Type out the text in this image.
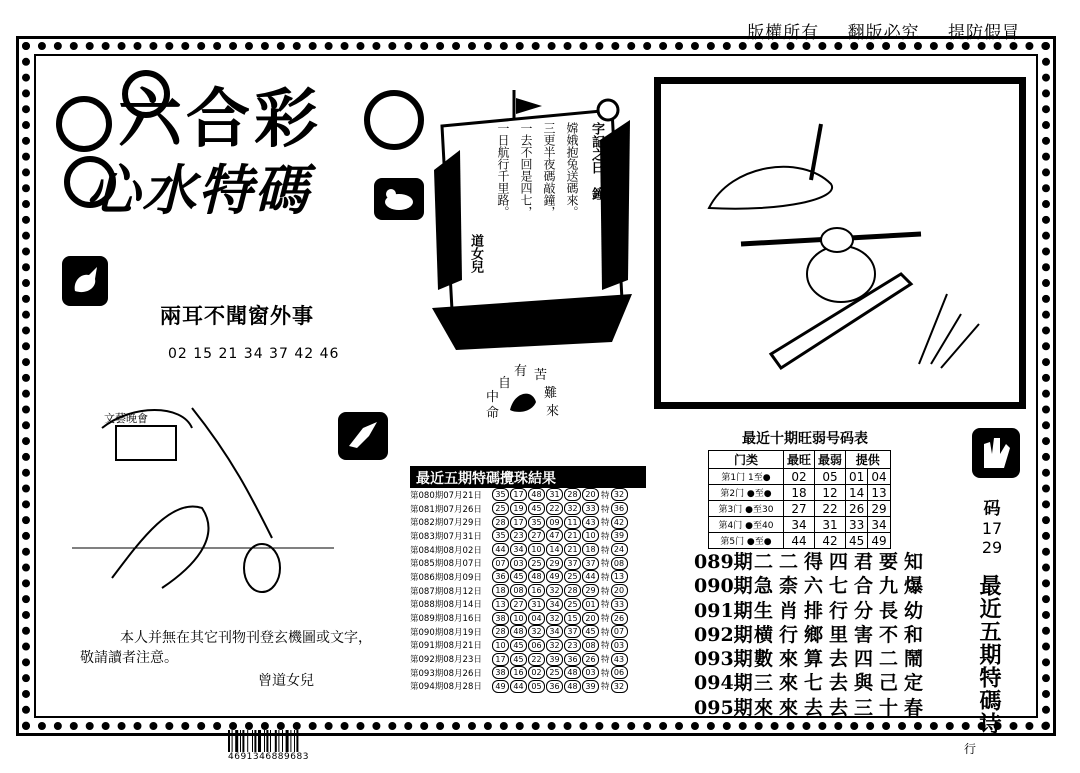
版權所有 翻版必究 提防假冒
六合彩
心水特碼
兩耳不聞窗外事
02 15 21 34 37 42 46
字記之曰：鐘
嫦娥抱兔送碼來。
三更半夜碼敲鐘，
一去不回是四七，
一日航行千里路。
道女兒
有 苦
自
中	難
命	來
文藝晚會
本人并無在其它刊物刊登玄機圖或文字，
敬請讀者注意。
曾道女兒
最近五期特碼攪珠結果
第080期07月21日	35 17 48 31 28 20 特 32
第081期07月26日	25 19 45 22 32 33 特 36
第082期07月29日	28 17 35 09 11 43 特 42
第083期07月31日	35 23 27 47 21 10 特 39
第084期08月02日	44 34 10 14 21 18 特 24
第085期08月07日	07 03 25 29 37 37 特 08
第086期08月09日	36 45 48 49 25 44 特 13
第087期08月12日	18 08 16 32 28 29 特 20
第088期08月14日	13 27 31 34 25 01 特 33
第089期08月16日	38 10 04 32 15 20 特 26
第090期08月19日	28 48 32 34 37 45 特 07
第091期08月21日	10 45 06 32 23 08 特 03
第092期08月23日	17 45 22 39 36 26 特 43
第093期08月26日	38 16 02 25 48 03 特 06
第094期08月28日	49 44 05 36 48 39 特 32
最近十期旺弱号码表
门类	最旺	最弱	提供	
第1门 1至●	02	05	01	04
第2门 ●至●	18	12	14	13
第3门 ●至30	27	22	26	29
第4门 ●至40	34	31	33	34
第5门 ●至●	44	42	45	49
089期 二二得四君要知
090期 急柰六七合九爆
091期 生肖排行分長幼
092期 横行鄉里害不和
093期 數來算去四二鬧
094期 三來七去與己定
095期 來來去去三十春
码
17
29
最近五期特碼诗
4691346889683
行
